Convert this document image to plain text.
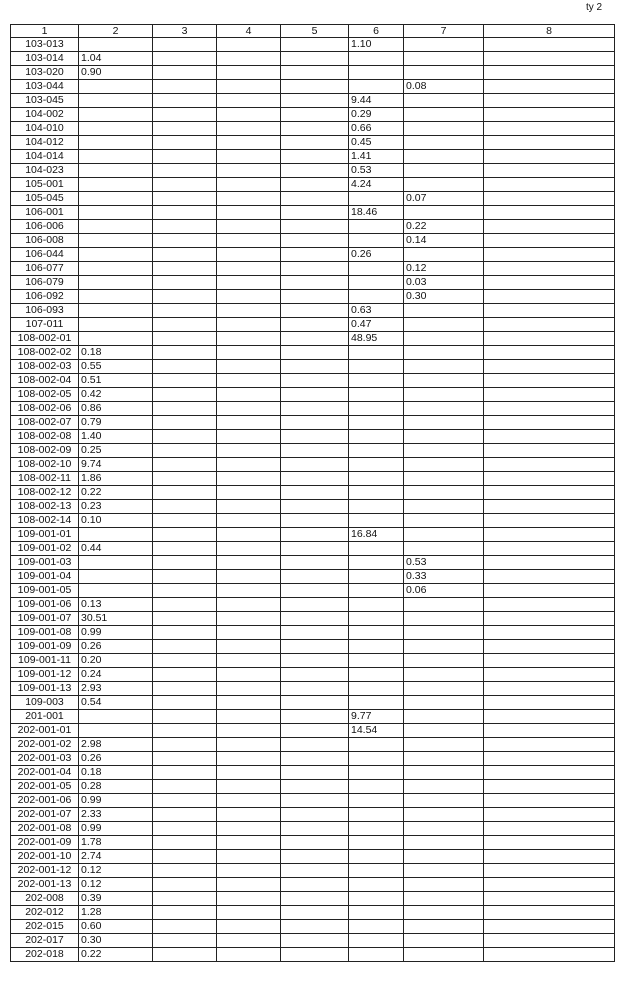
ty 2
1	2	3	4	5	6	7	8
103-013					1.10		
103-014	1.04						
103-020	0.90						
103-044						0.08	
103-045					9.44		
104-002					0.29		
104-010					0.66		
104-012					0.45		
104-014					1.41		
104-023					0.53		
105-001					4.24		
105-045						0.07	
106-001					18.46		
106-006						0.22	
106-008						0.14	
106-044					0.26		
106-077						0.12	
106-079						0.03	
106-092						0.30	
106-093					0.63		
107-011					0.47		
108-002-01					48.95		
108-002-02	0.18						
108-002-03	0.55						
108-002-04	0.51						
108-002-05	0.42						
108-002-06	0.86						
108-002-07	0.79						
108-002-08	1.40						
108-002-09	0.25						
108-002-10	9.74						
108-002-11	1.86						
108-002-12	0.22						
108-002-13	0.23						
108-002-14	0.10						
109-001-01					16.84		
109-001-02	0.44						
109-001-03						0.53	
109-001-04						0.33	
109-001-05						0.06	
109-001-06	0.13						
109-001-07	30.51						
109-001-08	0.99						
109-001-09	0.26						
109-001-11	0.20						
109-001-12	0.24						
109-001-13	2.93						
109-003	0.54						
201-001					9.77		
202-001-01					14.54		
202-001-02	2.98						
202-001-03	0.26						
202-001-04	0.18						
202-001-05	0.28						
202-001-06	0.99						
202-001-07	2.33						
202-001-08	0.99						
202-001-09	1.78						
202-001-10	2.74						
202-001-12	0.12						
202-001-13	0.12						
202-008	0.39						
202-012	1.28						
202-015	0.60						
202-017	0.30						
202-018	0.22						
